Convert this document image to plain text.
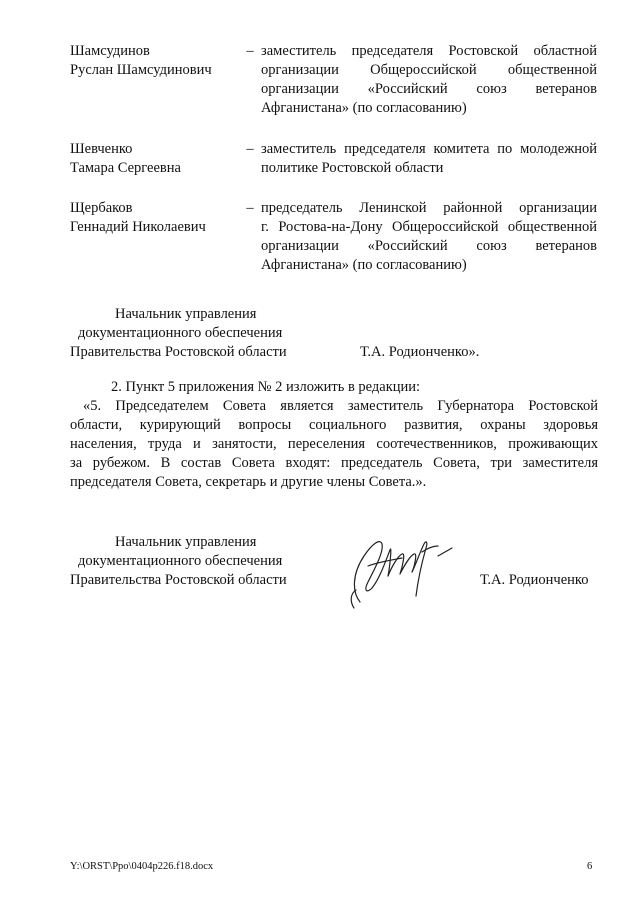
Шамсудинов
Руслан Шамсудинович
– заместитель председателя Ростовской областной
организации Общероссийской общественной
организации «Российский союз ветеранов
Афганистана» (по согласованию)
Шевченко
Тамара Сергеевна
– заместитель председателя комитета по молодежной
политике Ростовской области
Щербаков
Геннадий Николаевич
– председатель Ленинской районной организации
г. Ростова-на-Дону Общероссийской общественной
организации «Российский союз ветеранов
Афганистана» (по согласованию)
Начальник управления
документационного обеспечения
Правительства Ростовской области	Т.А. Родионченко».
2. Пункт 5 приложения № 2 изложить в редакции:
«5. Председателем Совета является заместитель Губернатора Ростовской
области, курирующий вопросы социального развития, охраны здоровья
населения, труда и занятости, переселения соотечественников, проживающих
за рубежом. В состав Совета входят: председатель Совета, три заместителя
председателя Совета, секретарь и другие члены Совета.».
Начальник управления
документационного обеспечения
Правительства Ростовской области	Т.А. Родионченко
Y:\ORST\Ppo\0404p226.f18.docx	6
